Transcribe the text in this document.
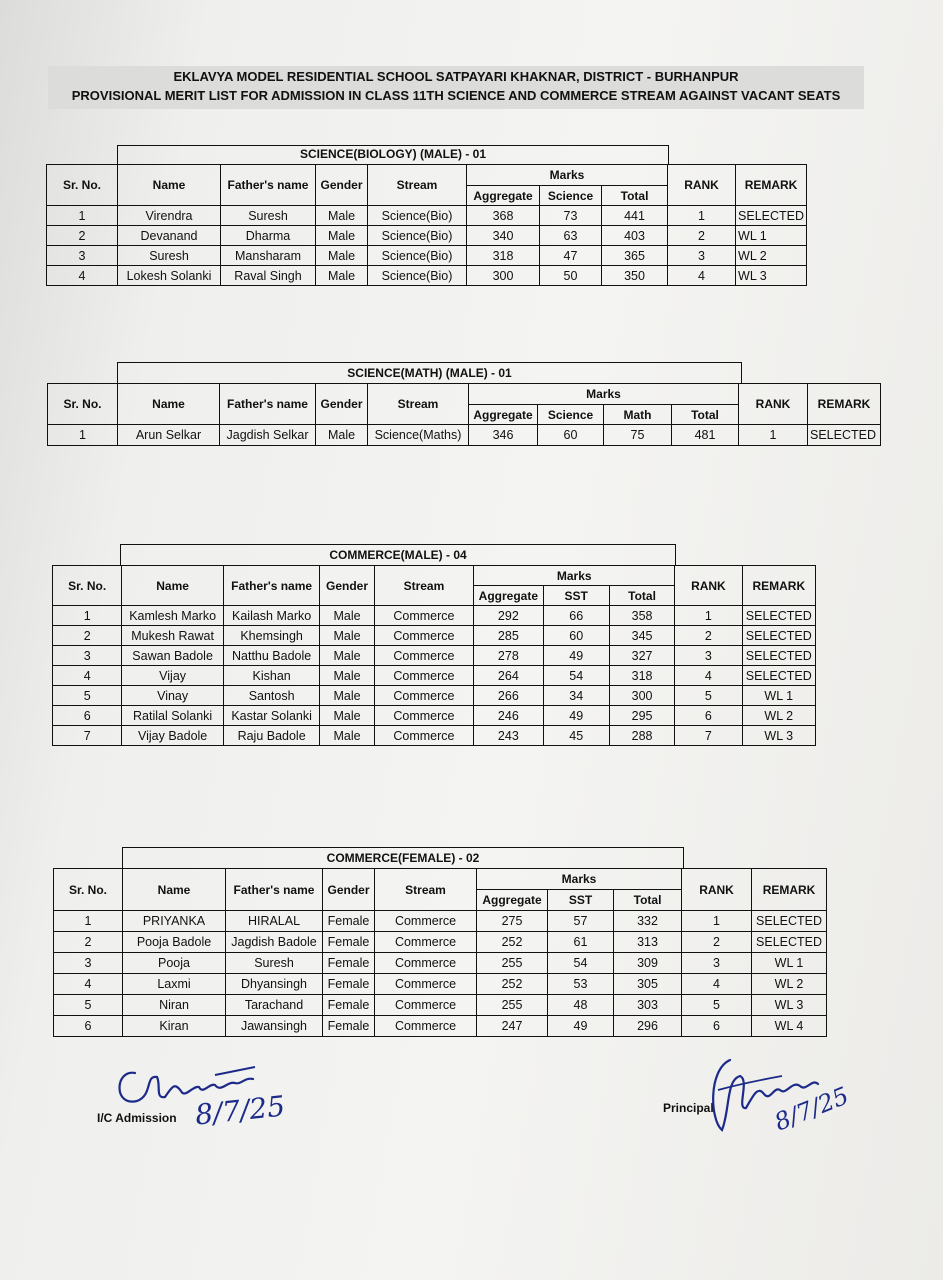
EKLAVYA MODEL RESIDENTIAL SCHOOL SATPAYARI KHAKNAR, DISTRICT - BURHANPUR
PROVISIONAL MERIT LIST FOR ADMISSION IN CLASS 11TH SCIENCE AND COMMERCE STREAM AGAINST VACANT SEATS
SCIENCE(BIOLOGY) (MALE) - 01
Sr. No.	Name	Father's name	Gender	Stream	Marks			RANK	REMARK
					Aggregate	Science	Total		
1	Virendra	Suresh	Male	Science(Bio)	368	73	441	1	SELECTED
2	Devanand	Dharma	Male	Science(Bio)	340	63	403	2	WL 1
3	Suresh	Mansharam	Male	Science(Bio)	318	47	365	3	WL 2
4	Lokesh Solanki	Raval Singh	Male	Science(Bio)	300	50	350	4	WL 3
SCIENCE(MATH) (MALE) - 01
Sr. No.	Name	Father's name	Gender	Stream	Marks				RANK	REMARK
					Aggregate	Science	Math	Total		
1	Arun Selkar	Jagdish Selkar	Male	Science(Maths)	346	60	75	481	1	SELECTED
COMMERCE(MALE) - 04
Sr. No.	Name	Father's name	Gender	Stream	Marks			RANK	REMARK
					Aggregate	SST	Total		
1	Kamlesh Marko	Kailash Marko	Male	Commerce	292	66	358	1	SELECTED
2	Mukesh Rawat	Khemsingh	Male	Commerce	285	60	345	2	SELECTED
3	Sawan Badole	Natthu Badole	Male	Commerce	278	49	327	3	SELECTED
4	Vijay	Kishan	Male	Commerce	264	54	318	4	SELECTED
5	Vinay	Santosh	Male	Commerce	266	34	300	5	WL 1
6	Ratilal Solanki	Kastar Solanki	Male	Commerce	246	49	295	6	WL 2
7	Vijay Badole	Raju Badole	Male	Commerce	243	45	288	7	WL 3
COMMERCE(FEMALE) - 02
Sr. No.	Name	Father's name	Gender	Stream	Marks			RANK	REMARK
					Aggregate	SST	Total		
1	PRIYANKA	HIRALAL	Female	Commerce	275	57	332	1	SELECTED
2	Pooja Badole	Jagdish Badole	Female	Commerce	252	61	313	2	SELECTED
3	Pooja	Suresh	Female	Commerce	255	54	309	3	WL 1
4	Laxmi	Dhyansingh	Female	Commerce	252	53	305	4	WL 2
5	Niran	Tarachand	Female	Commerce	255	48	303	5	WL 3
6	Kiran	Jawansingh	Female	Commerce	247	49	296	6	WL 4
I/C Admission 8/7/25	Principal 8/7/25
